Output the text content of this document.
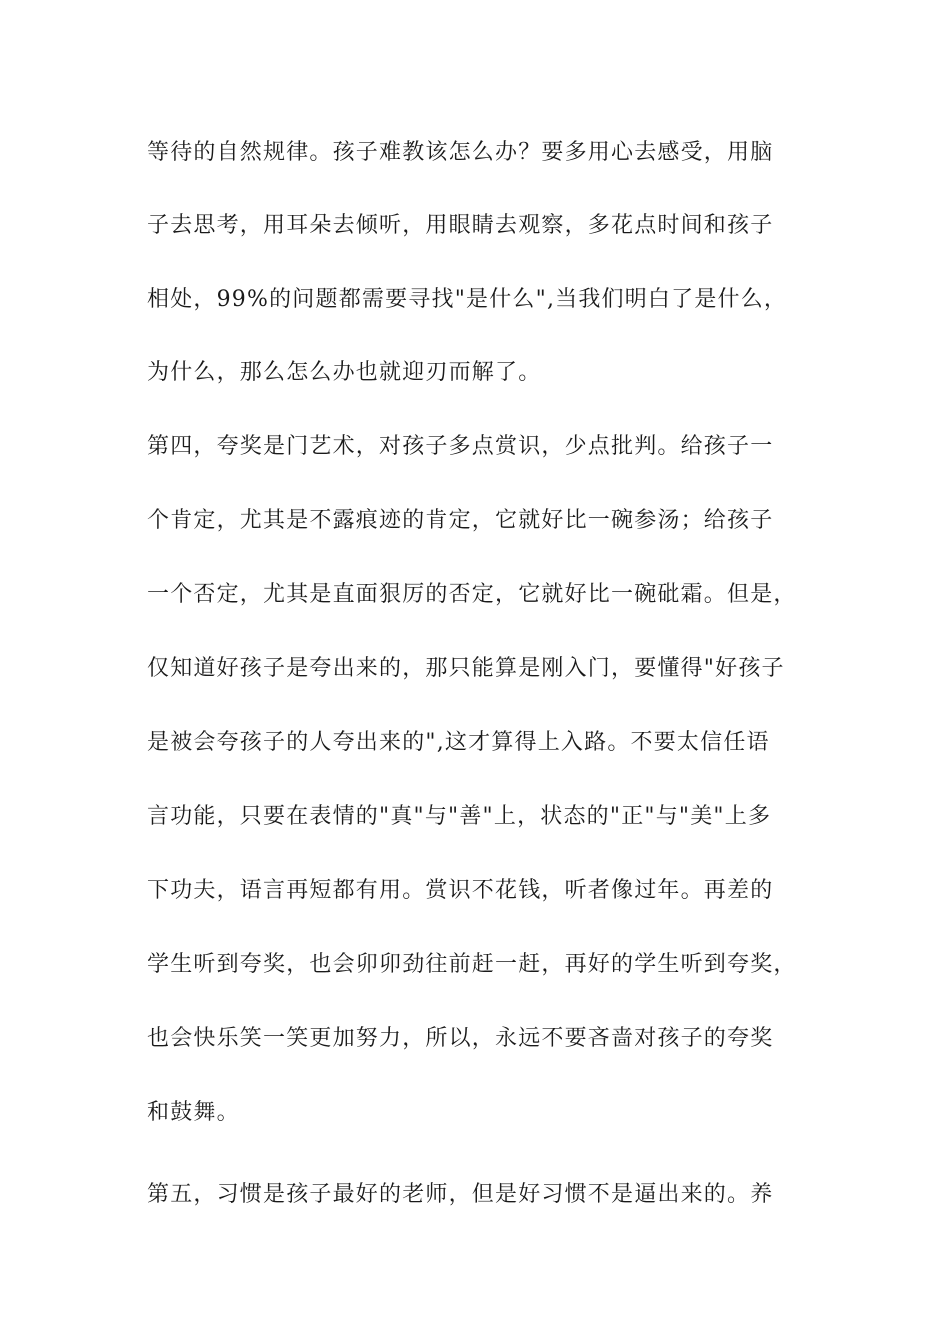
等待的自然规律。孩子难教该怎么办？要多用心去感受，用脑
子去思考，用耳朵去倾听，用眼睛去观察，多花点时间和孩子
相处，99%的问题都需要寻找"是什么",当我们明白了是什么，
为什么，那么怎么办也就迎刃而解了。
第四，夸奖是门艺术，对孩子多点赏识，少点批判。给孩子一
个肯定，尤其是不露痕迹的肯定，它就好比一碗参汤；给孩子
一个否定，尤其是直面狠厉的否定，它就好比一碗砒霜。但是，
仅知道好孩子是夸出来的，那只能算是刚入门，要懂得"好孩子
是被会夸孩子的人夸出来的",这才算得上入路。不要太信任语
言功能，只要在表情的"真"与"善"上，状态的"正"与"美"上多
下功夫，语言再短都有用。赏识不花钱，听者像过年。再差的
学生听到夸奖，也会卯卯劲往前赶一赶，再好的学生听到夸奖，
也会快乐笑一笑更加努力，所以，永远不要吝啬对孩子的夸奖
和鼓舞。
第五，习惯是孩子最好的老师，但是好习惯不是逼出来的。养
